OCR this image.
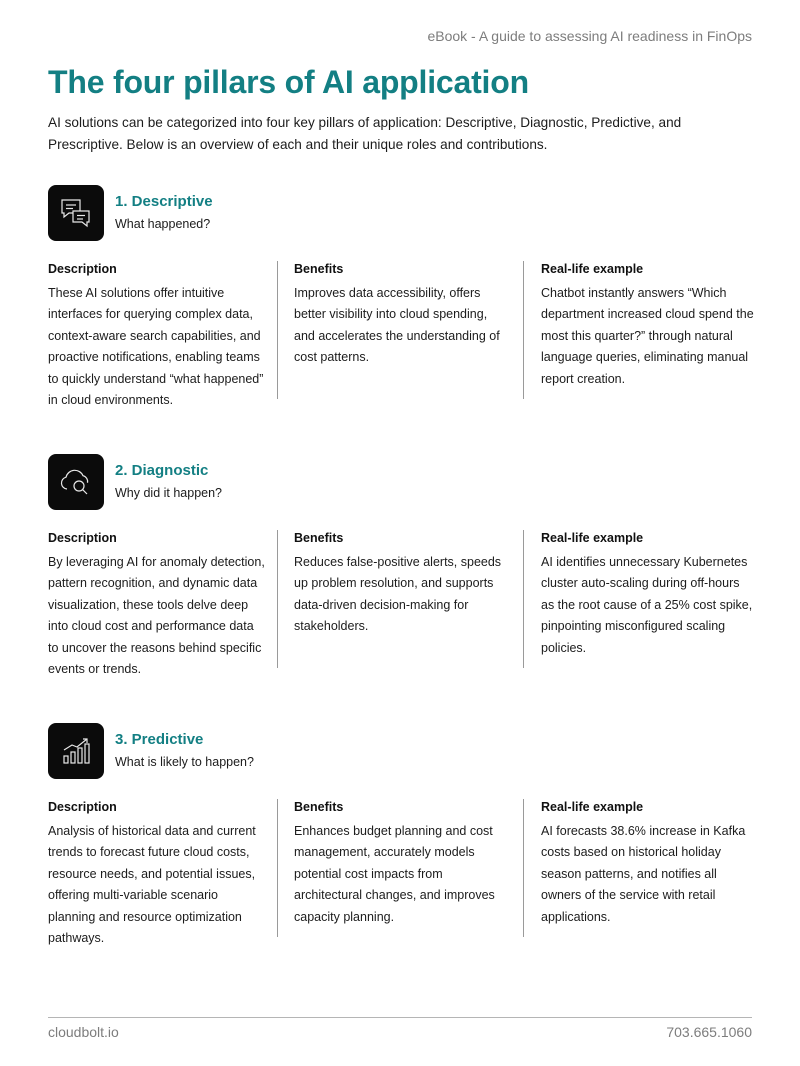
eBook - A guide to assessing AI readiness in FinOps
The four pillars of AI application

AI solutions can be categorized into four key pillars of application: Descriptive, Diagnostic, Predictive, and Prescriptive. Below is an overview of each and their unique roles and contributions.

1. Descriptive
What happened?
Description
These AI solutions offer intuitive interfaces for querying complex data, context-aware search capabilities, and proactive notifications, enabling teams to quickly understand “what happened” in cloud environments.
Benefits
Improves data accessibility, offers better visibility into cloud spending, and accelerates the understanding of cost patterns.
Real-life example
Chatbot instantly answers “Which department increased cloud spend the most this quarter?” through natural language queries, eliminating manual report creation.
2. Diagnostic
Why did it happen?
Description
By leveraging AI for anomaly detection, pattern recognition, and dynamic data visualization, these tools delve deep into cloud cost and performance data to uncover the reasons behind specific events or trends.
Benefits
Reduces false-positive alerts, speeds up problem resolution, and supports data-driven decision-making for stakeholders.
Real-life example
AI identifies unnecessary Kubernetes cluster auto-scaling during off-hours as the root cause of a 25% cost spike, pinpointing misconfigured scaling policies.
3. Predictive
What is likely to happen?
Description
Analysis of historical data and current trends to forecast future cloud costs, resource needs, and potential issues, offering multi-variable scenario planning and resource optimization pathways.
Benefits
Enhances budget planning and cost management, accurately models potential cost impacts from architectural changes, and improves capacity planning.
Real-life example
AI forecasts 38.6% increase in Kafka costs based on historical holiday season patterns, and notifies all owners of the service with retail applications.
cloudbolt.io	703.665.1060
